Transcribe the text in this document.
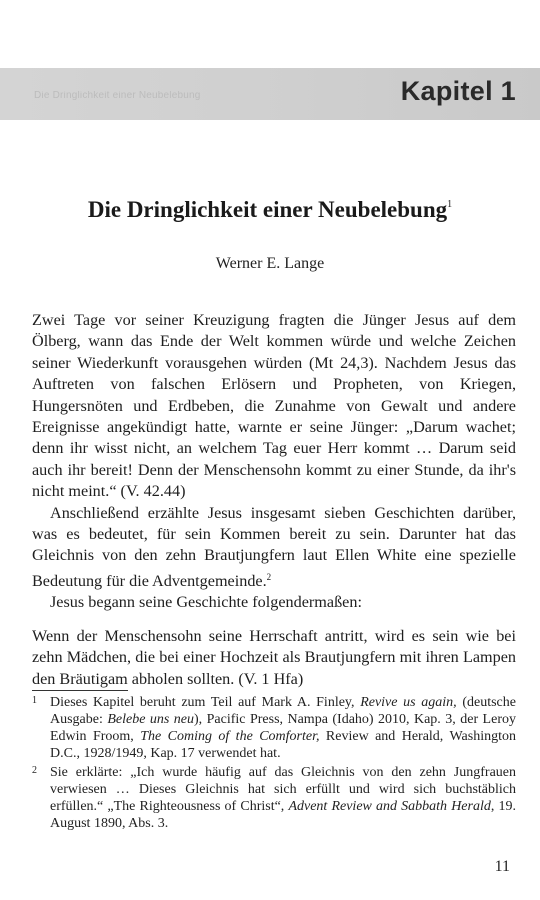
Die Dringlichkeit einer Neubelebung	Kapitel 1
Die Dringlichkeit einer Neubelebung$^1$
Werner E. Lange

Zwei Tage vor seiner Kreuzigung fragten die Jünger Jesus auf dem Ölberg, wann das Ende der Welt kommen würde und welche Zeichen seiner Wiederkunft vorausgehen würden (Mt 24,3). Nachdem Jesus das Auftreten von falschen Erlösern und Propheten, von Kriegen, Hungersnöten und Erdbeben, die Zunahme von Gewalt und andere Ereignisse angekündigt hatte, warnte er seine Jünger: „Darum wachet; denn ihr wisst nicht, an welchem Tag euer Herr kommt … Darum seid auch ihr bereit! Denn der Menschensohn kommt zu einer Stunde, da ihr's nicht meint.“ (V. 42.44)

Anschließend erzählte Jesus insgesamt sieben Geschichten darüber, was es bedeutet, für sein Kommen bereit zu sein. Darunter hat das Gleichnis von den zehn Brautjungfern laut Ellen White eine spezielle Bedeutung für die Adventgemeinde.$^2$

Jesus begann seine Geschichte folgendermaßen:

Wenn der Menschensohn seine Herrschaft antritt, wird es sein wie bei zehn Mädchen, die bei einer Hochzeit als Brautjungfern mit ihren Lampen den Bräutigam abholen sollten. (V. 1 Hfa)

1 Dieses Kapitel beruht zum Teil auf Mark A. Finley, Revive us again, (deutsche Ausgabe: Belebe uns neu), Pacific Press, Nampa (Idaho) 2010, Kap. 3, der Leroy Edwin Froom, The Coming of the Comforter, Review and Herald, Washington D.C., 1928/1949, Kap. 17 verwendet hat.
2 Sie erklärte: „Ich wurde häufig auf das Gleichnis von den zehn Jungfrauen verwiesen … Dieses Gleichnis hat sich erfüllt und wird sich buchstäblich erfüllen.“ „The Righteousness of Christ“, Advent Review and Sabbath Herald, 19. August 1890, Abs. 3.
11
